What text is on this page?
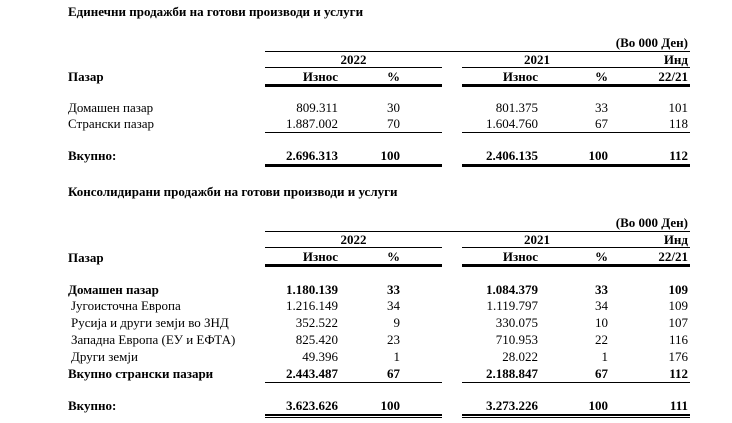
Единечни продажби на готови производи и услуги
(Во 000 Ден)
2022	2021	Инд
Пазар	Износ	%	Износ	%	22/21
Домашен пазар	809.311	30	801.375	33	101
Странски пазар	1.887.002	70	1.604.760	67	118
Вкупно:	2.696.313	100	2.406.135	100	112
Консолидирани продажби на готови производи и услуги
(Во 000 Ден)
2022	2021	Инд
Пазар	Износ	%	Износ	%	22/21
Домашен пазар	1.180.139	33	1.084.379	33	109
Југоисточна Европа	1.216.149	34	1.119.797	34	109
Русија и други земји во ЗНД	352.522	9	330.075	10	107
Западна Европа (ЕУ и ЕФТА)	825.420	23	710.953	22	116
Други земји	49.396	1	28.022	1	176
Вкупно странски пазари	2.443.487	67	2.188.847	67	112
Вкупно:	3.623.626	100	3.273.226	100	111
